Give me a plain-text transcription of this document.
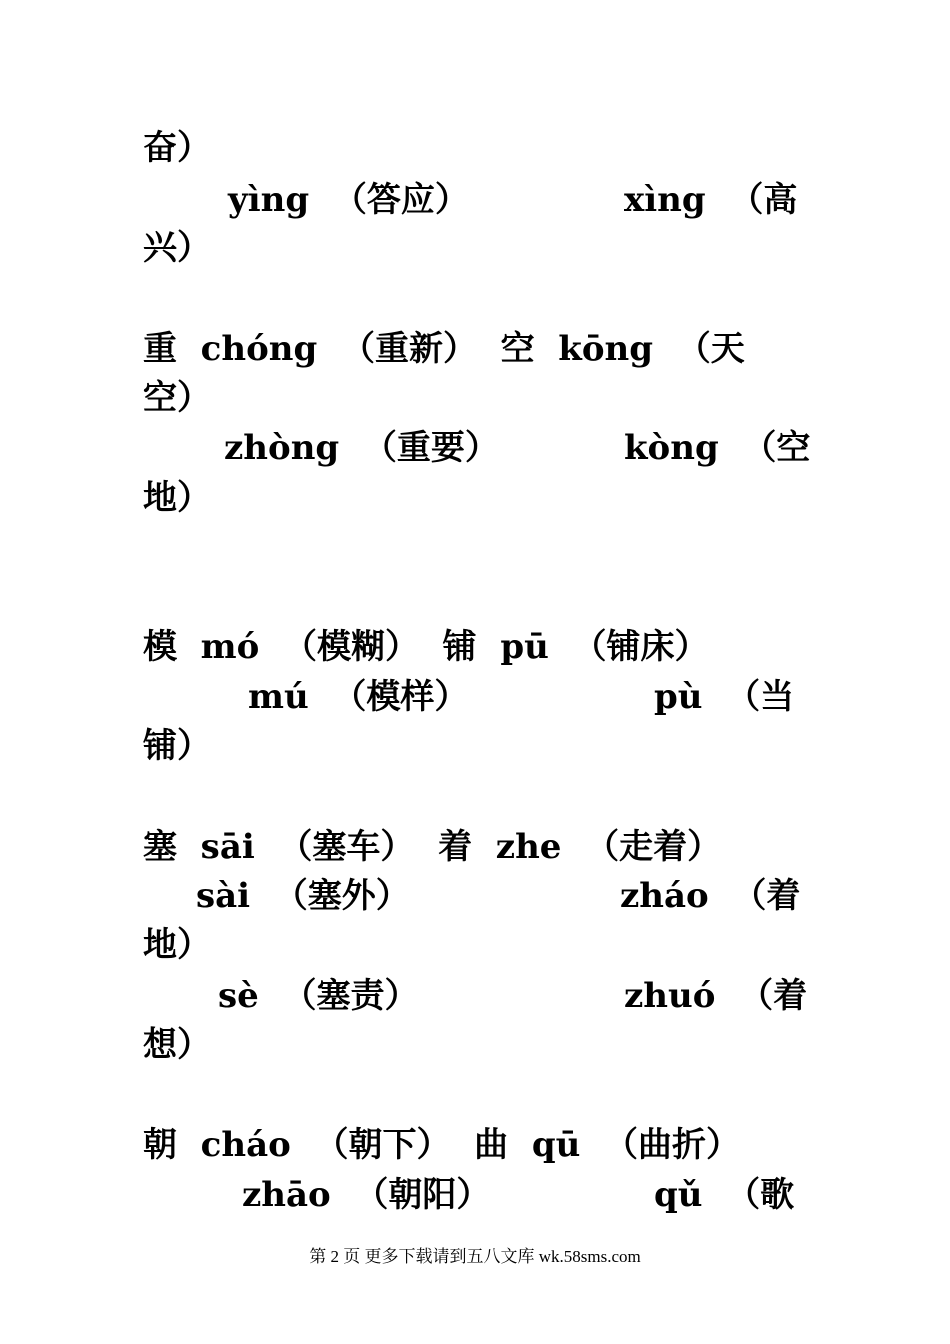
奋）
yìng  （答应）	xìng  （高
兴）
重  chóng  （重新）  空  kōng  （天
空）
zhòng  （重要）	kòng  （空
地）
模  mó  （模糊）  铺  pū  （铺床）
mú  （模样）	pù  （当
铺）
塞  sāi  （塞车）  着  zhe  （走着）
sài  （塞外）	zháo  （着
地）
sè  （塞责）	zhuó  （着
想）
朝  cháo  （朝下）  曲  qū  （曲折）
zhāo  （朝阳）	qǔ  （歌
第 2 页 更多下载请到五八文库 wk.58sms.com
